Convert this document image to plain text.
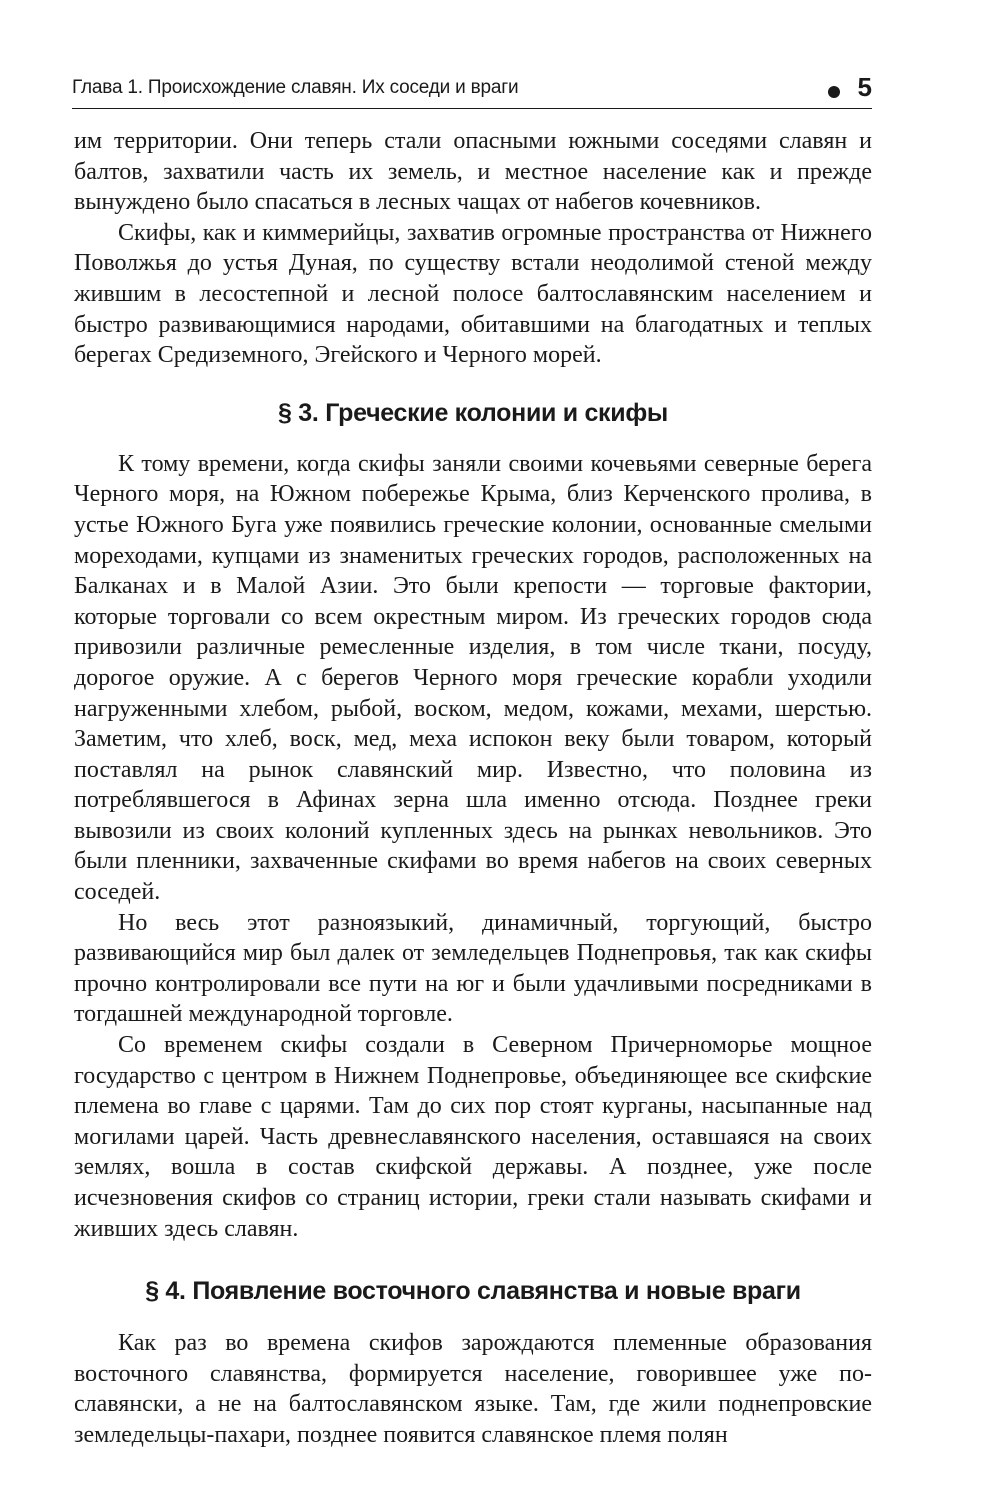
Глава 1. Происхождение славян. Их соседи и враги	5

им территории. Они теперь стали опасными южными соседями славян и балтов, захватили часть их земель, и местное население как и прежде вынуждено было спасаться в лесных чащах от набегов кочевников.

Скифы, как и киммерийцы, захватив огромные пространства от Нижнего Поволжья до устья Дуная, по существу встали неодолимой стеной между жившим в лесостепной и лесной полосе балтославянским населением и быстро развивающимися народами, обитавшими на благодатных и теплых берегах Средиземного, Эгейского и Черного морей.

§ 3. Греческие колонии и скифы

К тому времени, когда скифы заняли своими кочевьями северные берега Черного моря, на Южном побережье Крыма, близ Керченского пролива, в устье Южного Буга уже появились греческие колонии, основанные смелыми мореходами, купцами из знаменитых греческих городов, расположенных на Балканах и в Малой Азии. Это были крепости — торговые фактории, которые торговали со всем окрестным миром. Из греческих городов сюда привозили различные ремесленные изделия, в том числе ткани, посуду, дорогое оружие. А с берегов Черного моря греческие корабли уходили нагруженными хлебом, рыбой, воском, медом, кожами, мехами, шерстью. Заметим, что хлеб, воск, мед, меха испокон веку были товаром, который поставлял на рынок славянский мир. Известно, что половина из потреблявшегося в Афинах зерна шла именно отсюда. Позднее греки вывозили из своих колоний купленных здесь на рынках невольников. Это были пленники, захваченные скифами во время набегов на своих северных соседей.

Но весь этот разноязыкий, динамичный, торгующий, быстро развивающийся мир был далек от земледельцев Поднепровья, так как скифы прочно контролировали все пути на юг и были удачливыми посредниками в тогдашней международной торговле.

Со временем скифы создали в Северном Причерноморье мощное государство с центром в Нижнем Поднепровье, объединяющее все скифские племена во главе с царями. Там до сих пор стоят курганы, насыпанные над могилами царей. Часть древнеславянского населения, оставшаяся на своих землях, вошла в состав скифской державы. А позднее, уже после исчезновения скифов со страниц истории, греки стали называть скифами и живших здесь славян.

§ 4. Появление восточного славянства и новые враги

Как раз во времена скифов зарождаются племенные образования восточного славянства, формируется население, говорившее уже по-славянски, а не на балтославянском языке. Там, где жили поднепровские земледельцы-пахари, позднее появится славянское племя полян
